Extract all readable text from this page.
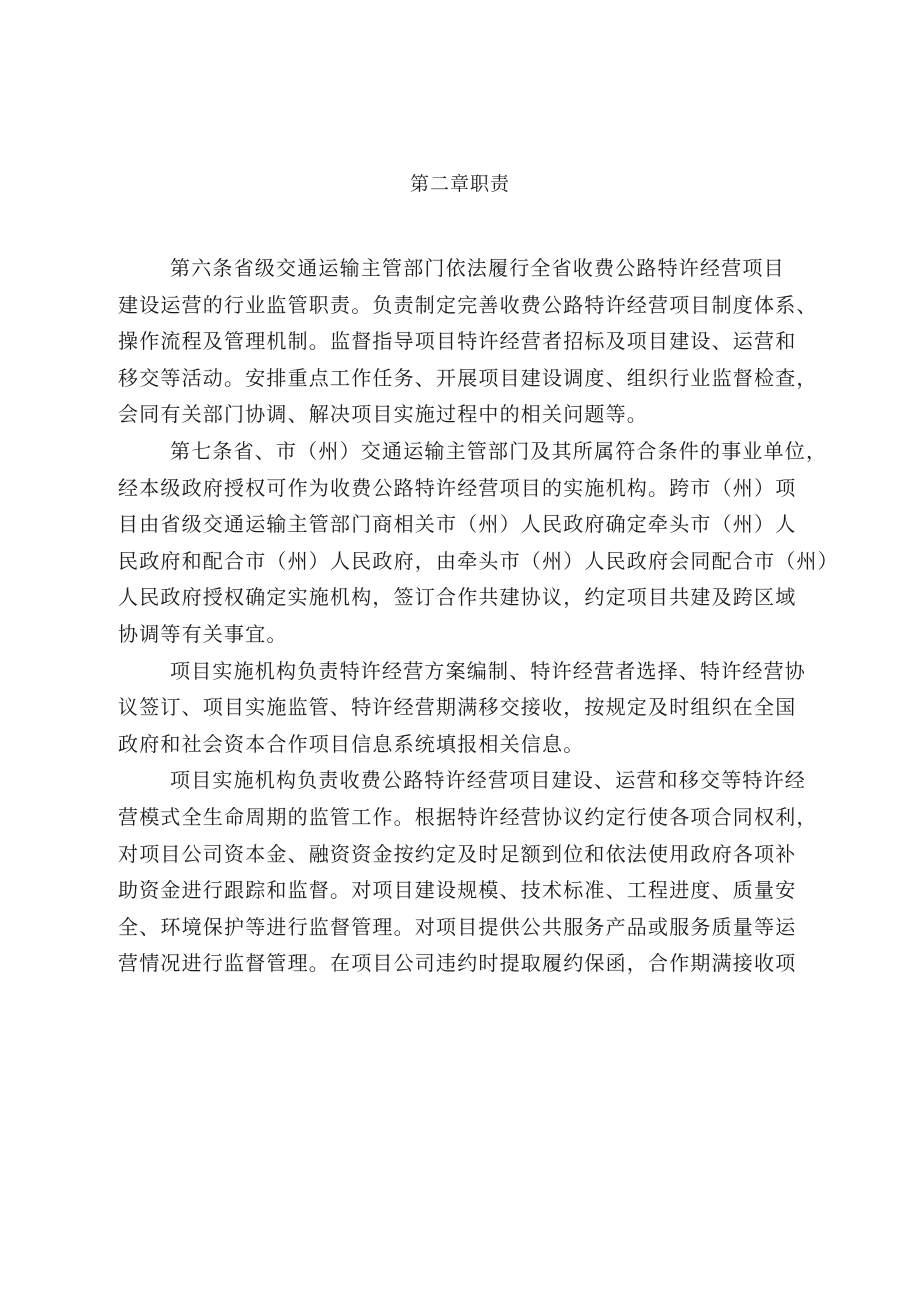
第二章职责

第六条省级交通运输主管部门依法履行全省收费公路特许经营项目
建设运营的行业监管职责。负责制定完善收费公路特许经营项目制度体系、
操作流程及管理机制。监督指导项目特许经营者招标及项目建设、运营和
移交等活动。安排重点工作任务、开展项目建设调度、组织行业监督检查，
会同有关部门协调、解决项目实施过程中的相关问题等。

第七条省、市（州）交通运输主管部门及其所属符合条件的事业单位，
经本级政府授权可作为收费公路特许经营项目的实施机构。跨市（州）项
目由省级交通运输主管部门商相关市（州）人民政府确定牵头市（州）人
民政府和配合市（州）人民政府，由牵头市（州）人民政府会同配合市（州）
人民政府授权确定实施机构，签订合作共建协议，约定项目共建及跨区域
协调等有关事宜。

项目实施机构负责特许经营方案编制、特许经营者选择、特许经营协
议签订、项目实施监管、特许经营期满移交接收，按规定及时组织在全国
政府和社会资本合作项目信息系统填报相关信息。

项目实施机构负责收费公路特许经营项目建设、运营和移交等特许经
营模式全生命周期的监管工作。根据特许经营协议约定行使各项合同权利，
对项目公司资本金、融资资金按约定及时足额到位和依法使用政府各项补
助资金进行跟踪和监督。对项目建设规模、技术标准、工程进度、质量安
全、环境保护等进行监督管理。对项目提供公共服务产品或服务质量等运
营情况进行监督管理。在项目公司违约时提取履约保函，合作期满接收项
